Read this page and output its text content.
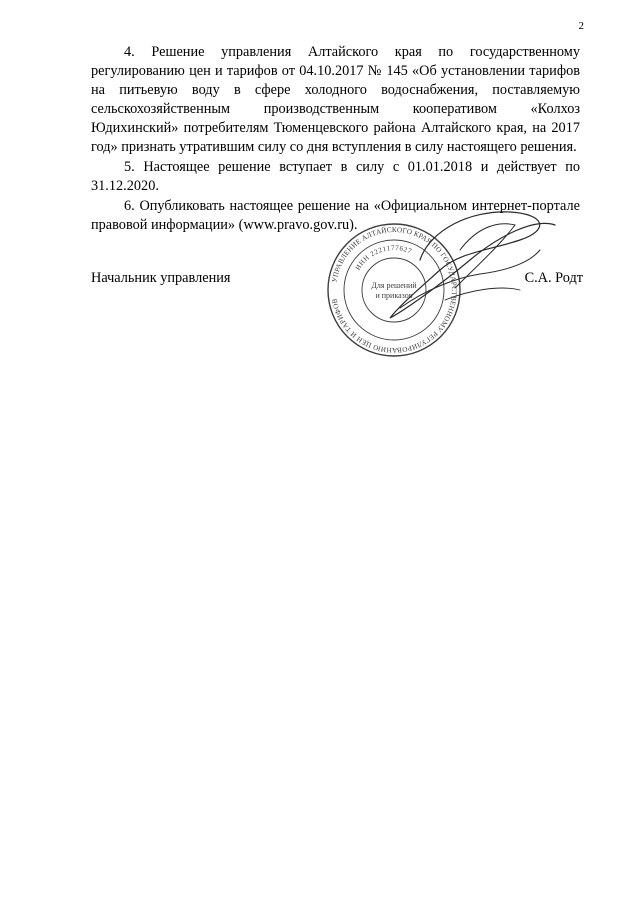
2

4. Решение управления Алтайского края по государственному регулированию цен и тарифов от 04.10.2017 № 145 «Об установлении тарифов на питьевую воду в сфере холодного водоснабжения, поставляемую сельскохозяйственным производственным кооперативом «Колхоз Юдихинский» потребителям Тюменцевского района Алтайского края, на 2017 год» признать утратившим силу со дня вступления в силу настоящего решения.

5. Настоящее решение вступает в силу с 01.01.2018 и действует по 31.12.2020.

6. Опубликовать настоящее решение на «Официальном интернет-портале правовой информации» (www.pravo.gov.ru).

Начальник управления	УПРАВЛЕНИЕ АЛТАЙСКОГО КРАЯ ПО ГОСУДАРСТВЕННОМУ РЕГУЛИРОВАНИЮ ЦЕН И ТАРИФОВ
ИНН 2221177627
Для решений
и приказов
С.А. Родт
